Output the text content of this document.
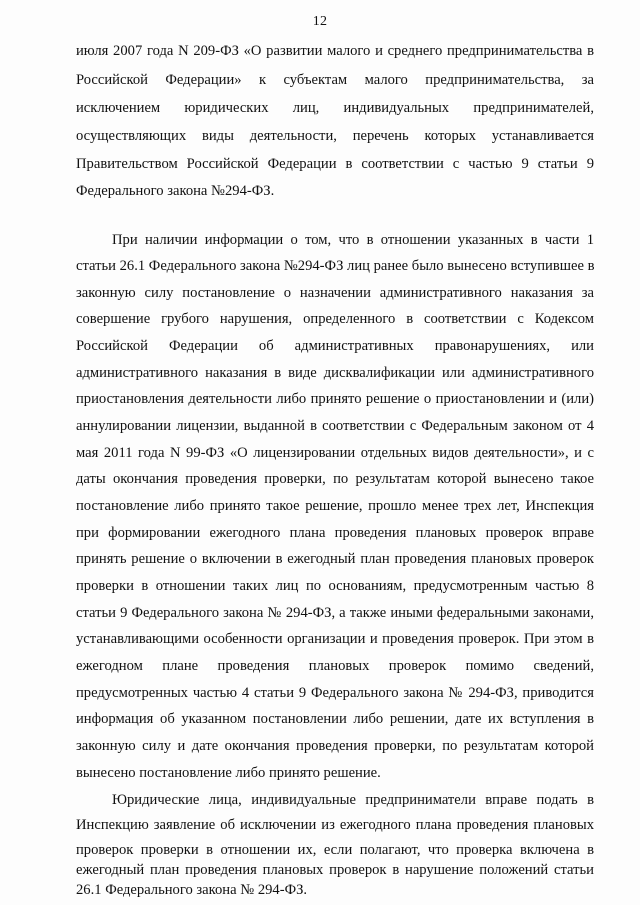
12
июля 2007 года N 209-ФЗ «О развитии малого и среднего предпринимательства в
Российской Федерации» к субъектам малого предпринимательства, за
исключением юридических лиц, индивидуальных предпринимателей,
осуществляющих виды деятельности, перечень которых устанавливается
Правительством Российской Федерации в соответствии с частью 9 статьи 9
Федерального закона №294-ФЗ.
При наличии информации о том, что в отношении указанных в части 1
статьи 26.1 Федерального закона №294-ФЗ лиц ранее было вынесено вступившее в
законную силу постановление о назначении административного наказания за
совершение грубого нарушения, определенного в соответствии с Кодексом
Российской Федерации об административных правонарушениях, или
административного наказания в виде дисквалификации или административного
приостановления деятельности либо принято решение о приостановлении и (или)
аннулировании лицензии, выданной в соответствии с Федеральным законом от 4
мая 2011 года N 99-ФЗ «О лицензировании отдельных видов деятельности», и с
даты окончания проведения проверки, по результатам которой вынесено такое
постановление либо принято такое решение, прошло менее трех лет, Инспекция
при формировании ежегодного плана проведения плановых проверок вправе
принять решение о включении в ежегодный план проведения плановых проверок
проверки в отношении таких лиц по основаниям, предусмотренным частью 8
статьи 9 Федерального закона № 294-ФЗ, а также иными федеральными законами,
устанавливающими особенности организации и проведения проверок. При этом в
ежегодном плане проведения плановых проверок помимо сведений,
предусмотренных частью 4 статьи 9 Федерального закона № 294-ФЗ, приводится
информация об указанном постановлении либо решении, дате их вступления в
законную силу и дате окончания проведения проверки, по результатам которой
вынесено постановление либо принято решение.
Юридические лица, индивидуальные предприниматели вправе подать в
Инспекцию заявление об исключении из ежегодного плана проведения плановых
проверок проверки в отношении их, если полагают, что проверка включена в
ежегодный план проведения плановых проверок в нарушение положений статьи
26.1 Федерального закона № 294-ФЗ.
